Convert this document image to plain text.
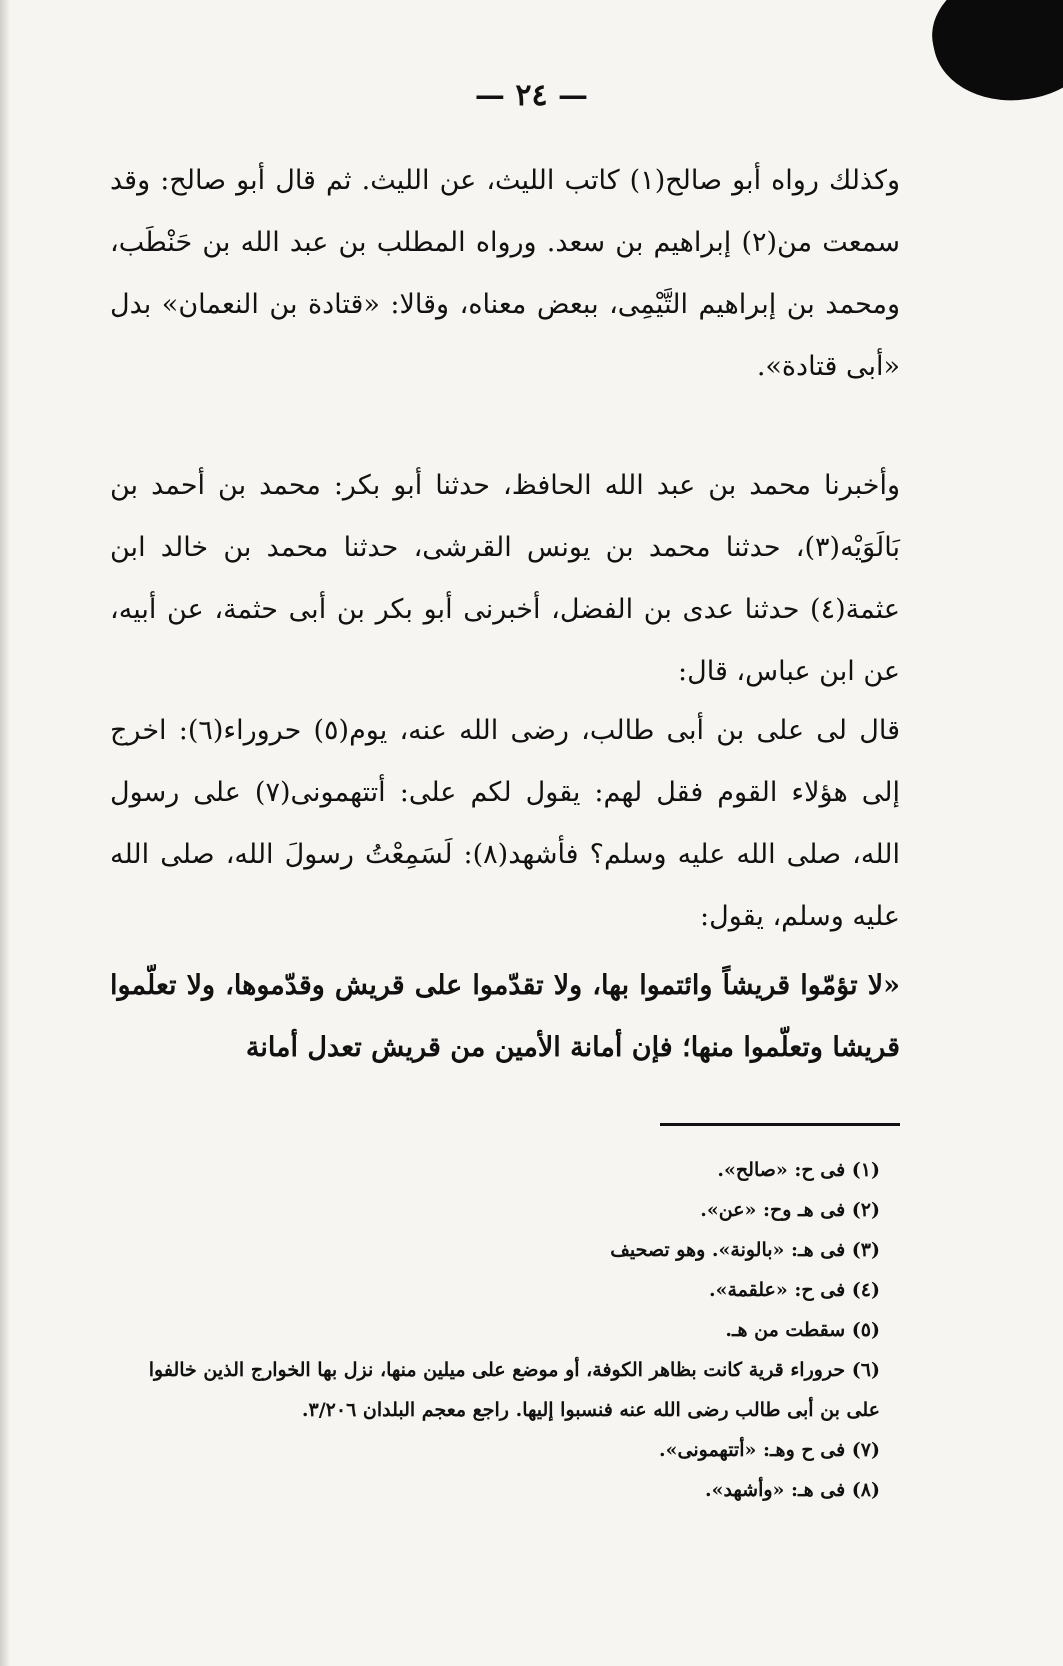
— ٢٤ —

وكذلك رواه أبو صالح(١) كاتب الليث، عن الليث. ثم قال أبو صالح: وقد سمعت من(٢) إبراهيم بن سعد. ورواه المطلب بن عبد الله بن حَنْطَب، ومحمد بن إبراهيم التَّيْمِى، ببعض معناه، وقالا: «قتادة بن النعمان» بدل «أبى قتادة».

وأخبرنا محمد بن عبد الله الحافظ، حدثنا أبو بكر: محمد بن أحمد بن بَالَوَيْه(٣)، حدثنا محمد بن يونس القرشى، حدثنا محمد بن خالد ابن عثمة(٤) حدثنا عدى بن الفضل، أخبرنى أبو بكر بن أبى حثمة، عن أبيه، عن ابن عباس، قال:

قال لى على بن أبى طالب، رضى الله عنه، يوم(٥) حروراء(٦): اخرج إلى هؤلاء القوم فقل لهم: يقول لكم على: أتتهمونى(٧) على رسول الله، صلى الله عليه وسلم؟ فأشهد(٨): لَسَمِعْتُ رسولَ الله، صلى الله عليه وسلم، يقول:

«لا تؤمّوا قريشاً وائتموا بها، ولا تقدّموا على قريش وقدّموها، ولا تعلّموا قريشا وتعلّموا منها؛ فإن أمانة الأمين من قريش تعدل أمانة

(١) فى ح: «صالح».
(٢) فى هـ وح: «عن».
(٣) فى هـ: «بالونة». وهو تصحيف
(٤) فى ح: «علقمة».
(٥) سقطت من هـ.
(٦) حروراء قرية كانت بظاهر الكوفة، أو موضع على ميلين منها، نزل بها الخوارج الذين خالفوا على بن أبى طالب رضى الله عنه فنسبوا إليها. راجع معجم البلدان ٣/٢٠٦.
(٧) فى ح وهـ: «أتتهمونى».
(٨) فى هـ: «وأشهد».
